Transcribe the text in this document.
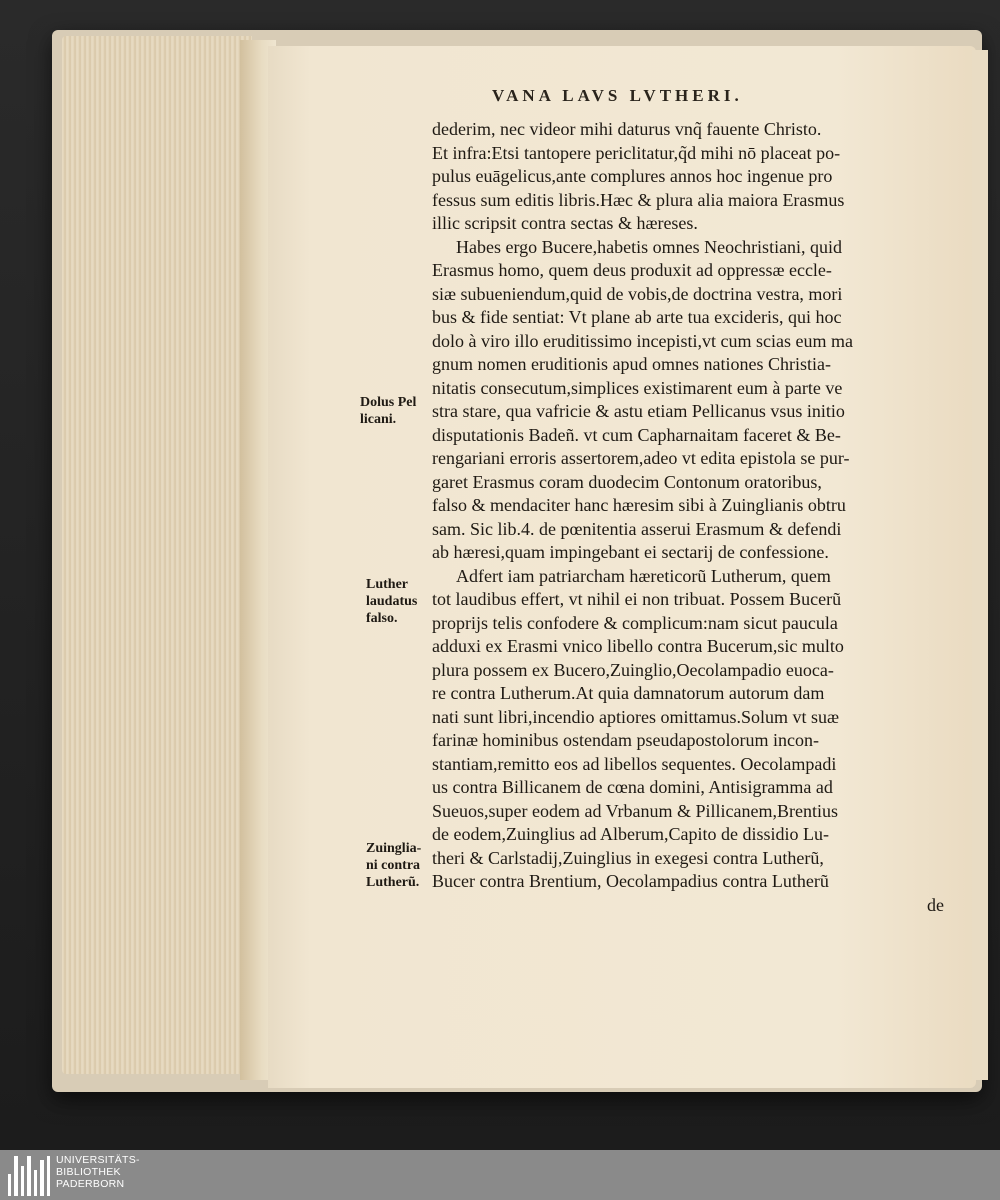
VANA LAVS LVTHERI.
dederim, nec videor mihi daturus vnq̃ fauente Christo.
Et infra:Etsi tantopere periclitatur,q̃d mihi nō placeat po-
pulus euāgelicus,ante complures annos hoc ingenue pro
fessus sum editis libris.Hæc & plura alia maiora Erasmus
illic scripsit contra sectas & hæreses.
Habes ergo Bucere,habetis omnes Neochristiani, quid
Erasmus homo, quem deus produxit ad oppressæ eccle-
siæ subueniendum,quid de vobis,de doctrina vestra, mori
bus & fide sentiat: Vt plane ab arte tua excideris, qui hoc
dolo à viro illo eruditissimo incepisti,vt cum scias eum ma
gnum nomen eruditionis apud omnes nationes Christia-
nitatis consecutum,simplices existimarent eum à parte ve
stra stare, qua vafricie & astu etiam Pellicanus vsus initio
disputationis Badeñ. vt cum Capharnaitam faceret & Be-
rengariani erroris assertorem,adeo vt edita epistola se pur-
garet Erasmus coram duodecim Contonum oratoribus,
falso & mendaciter hanc hæresim sibi à Zuinglianis obtru
sam. Sic lib.4. de pœnitentia asserui Erasmum & defendi
ab hæresi,quam impingebant ei sectarij de confessione.
Adfert iam patriarcham hæreticorũ Lutherum, quem
tot laudibus effert, vt nihil ei non tribuat. Possem Bucerũ
proprijs telis confodere & complicum:nam sicut paucula
adduxi ex Erasmi vnico libello contra Bucerum,sic multo
plura possem ex Bucero,Zuinglio,Oecolampadio euoca-
re contra Lutherum.At quia damnatorum autorum dam
nati sunt libri,incendio aptiores omittamus.Solum vt suæ
farinæ hominibus ostendam pseudapostolorum incon-
stantiam,remitto eos ad libellos sequentes. Oecolampadi
us contra Billicanem de cœna domini, Antisigramma ad
Sueuos,super eodem ad Vrbanum & Pillicanem,Brentius
de eodem,Zuinglius ad Alberum,Capito de dissidio Lu-
theri & Carlstadij,Zuinglius in exegesi contra Lutherũ,
Bucer contra Brentium, Oecolampadius contra Lutherũ
de
Dolus Pel
licani.
Luther
laudatus
falso.
Zuinglia-
ni contra
Lutherũ.
UNIVERSITÄTS-
BIBLIOTHEK
PADERBORN
